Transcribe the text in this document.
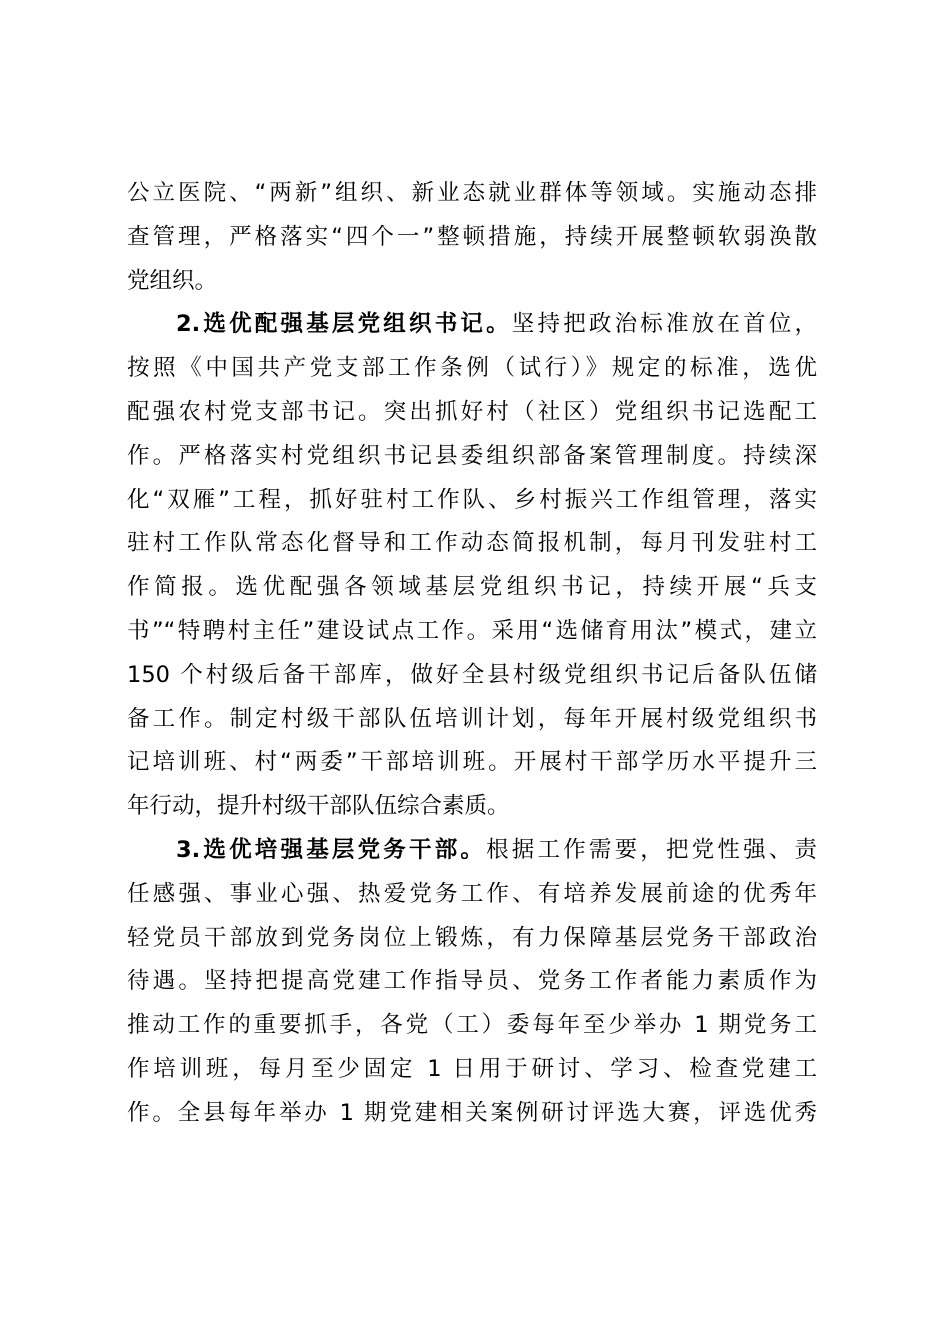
公立医院、“两新”组织、新业态就业群体等领域。实施动态排
查管理，严格落实“四个一”整顿措施，持续开展整顿软弱涣散
党组织。
2.选优配强基层党组织书记。坚持把政治标准放在首位，
按照《中国共产党支部工作条例（试行）》规定的标准，选优
配强农村党支部书记。突出抓好村（社区）党组织书记选配工
作。严格落实村党组织书记县委组织部备案管理制度。持续深
化“双雁”工程，抓好驻村工作队、乡村振兴工作组管理，落实
驻村工作队常态化督导和工作动态简报机制，每月刊发驻村工
作简报。选优配强各领域基层党组织书记，持续开展“兵支
书”“特聘村主任”建设试点工作。采用“选储育用汰”模式，建立
150 个村级后备干部库，做好全县村级党组织书记后备队伍储
备工作。制定村级干部队伍培训计划，每年开展村级党组织书
记培训班、村“两委”干部培训班。开展村干部学历水平提升三
年行动，提升村级干部队伍综合素质。
3.选优培强基层党务干部。根据工作需要，把党性强、责
任感强、事业心强、热爱党务工作、有培养发展前途的优秀年
轻党员干部放到党务岗位上锻炼，有力保障基层党务干部政治
待遇。坚持把提高党建工作指导员、党务工作者能力素质作为
推动工作的重要抓手，各党（工）委每年至少举办 1 期党务工
作培训班，每月至少固定 1 日用于研讨、学习、检查党建工
作。全县每年举办 1 期党建相关案例研讨评选大赛，评选优秀
